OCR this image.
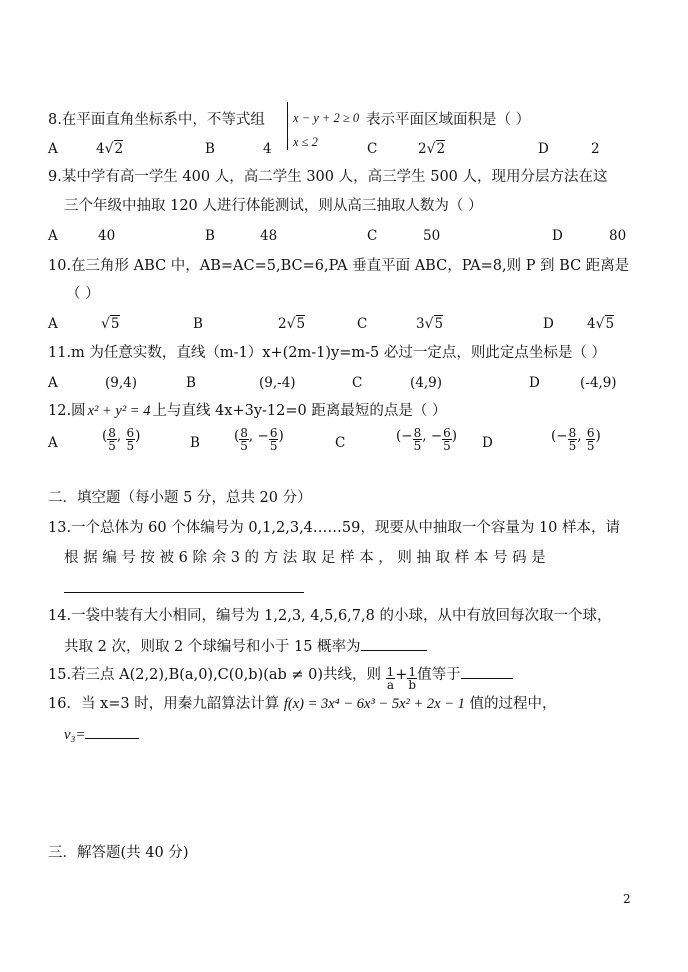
8.在平面直角坐标系中，不等式组 x − y + 2 ≥ 0
x ≤ 2
表示平面区域面积是（ ）
A	4√2	B	4	C	2√2	D	2
9.某中学有高一学生 400 人，高二学生 300 人，高三学生 500 人，现用分层方法在这
三个年级中抽取 120 人进行体能测试，则从高三抽取人数为（ ）
A	40	B	48	C	50	D	80
10.在三角形 ABC 中，AB=AC=5,BC=6,PA 垂直平面 ABC，PA=8,则 P 到 BC 距离是
（ ）
A	√5	B	2√5	C	3√5	D 4√5
11.m 为任意实数，直线（m-1）x+(2m-1)y=m-5 必过一定点，则此定点坐标是（ ）
A	(9,4)	B	(9,-4)	C	(4,9)	D	(-4,9)
12.圆 x² + y² = 4 上与直线 4x+3y-12=0 距离最短的点是（ ）
A	( $\frac{8}{5}$ , $\frac{6}{5}$ )	B	( $\frac{8}{5}$ , − $\frac{6}{5}$ )	C	(− $\frac{8}{5}$ , − $\frac{6}{5}$ ) D	(− $\frac{8}{5}$ , $\frac{6}{5}$ )
二．填空题（每小题 5 分，总共 20 分）
13.一个总体为 60 个体编号为 0,1,2,3,4……59，现要从中抽取一个容量为 10 样本，请
根 据 编 号 按 被 6 除 余 3 的 方 法 取 足 样 本 ， 则 抽 取 样 本 号 码 是
14.一袋中装有大小相同，编号为 1,2,3, 4,5,6,7,8 的小球，从中有放回每次取一个球，
共取 2 次，则取 2 个球编号和小于 15 概率为
15.若三点 A(2,2),B(a,0),C(0,b)(ab ≠ 0)共线，则 $\frac{1}{a} + \frac{1}{b}$ 值等于
16．当 x=3 时，用秦九韶算法计算 f(x) = 3x⁴ − 6x³ − 5x² + 2x − 1 值的过程中，
v₃=
三．解答题(共 40 分)
2
